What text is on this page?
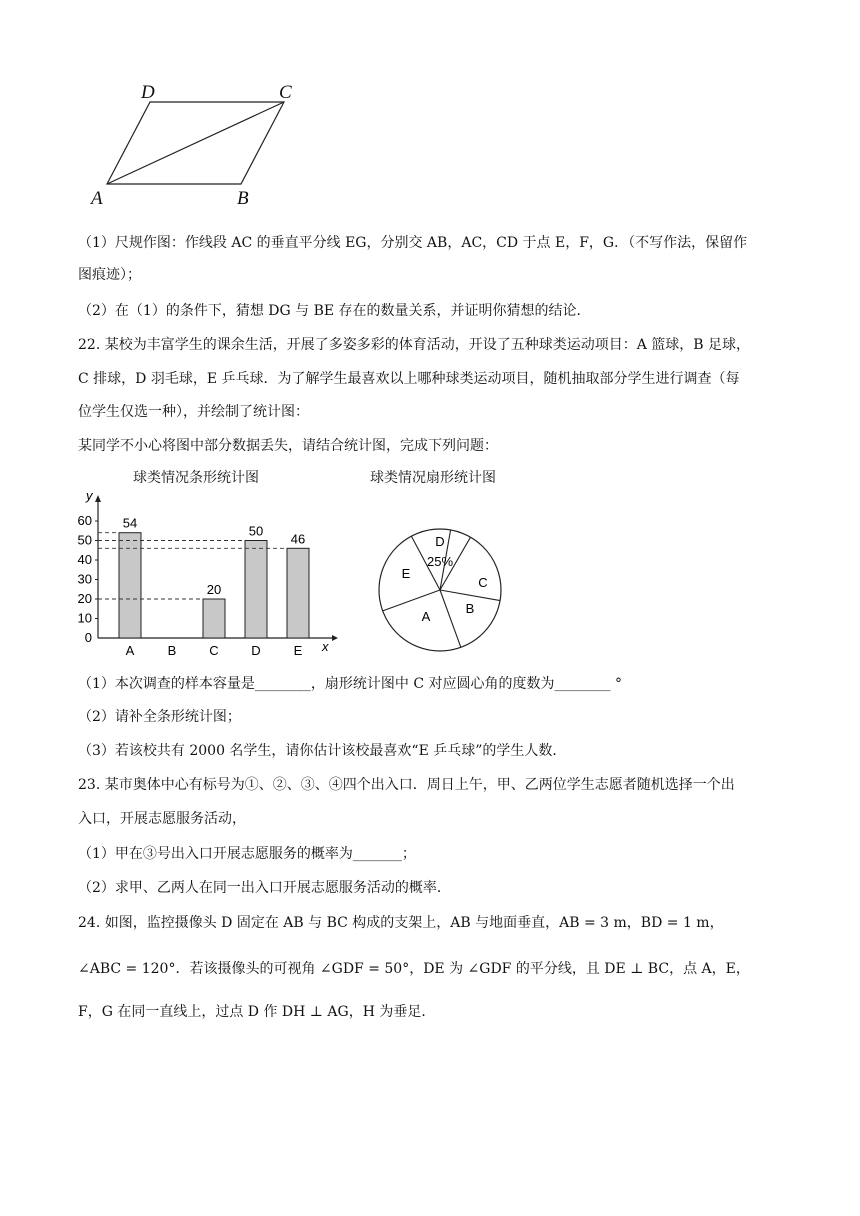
D	C
A	B
（1）尺规作图：作线段 AC 的垂直平分线 EG，分别交 AB，AC，CD 于点 E，F，G．（不写作法，保留作
图痕迹）；
（2）在（1）的条件下，猜想 DG 与 BE 存在的数量关系，并证明你猜想的结论．
22. 某校为丰富学生的课余生活，开展了多姿多彩的体育活动，开设了五种球类运动项目：A 篮球，B 足球，
C 排球，D 羽毛球，E 乒乓球．为了解学生最喜欢以上哪种球类运动项目，随机抽取部分学生进行调查（每
位学生仅选一种），并绘制了统计图：
某同学不小心将图中部分数据丢失，请结合统计图，完成下列问题：
球类情况条形统计图	球类情况扇形统计图
y
x
0
10
20
30
40
50
60 54
A	B
20
C
50
D
46
E
D
C
B
A
E
25%
（1）本次调查的样本容量是________，扇形统计图中 C 对应圆心角的度数为________ °
（2）请补全条形统计图；
（3）若该校共有 2000 名学生，请你估计该校最喜欢“E 乒乓球”的学生人数．
23. 某市奥体中心有标号为①、②、③、④四个出入口．周日上午，甲、乙两位学生志愿者随机选择一个出
入口，开展志愿服务活动，
（1）甲在③号出入口开展志愿服务的概率为_______；
（2）求甲、乙两人在同一出入口开展志愿服务活动的概率．
24. 如图，监控摄像头 D 固定在 AB 与 BC 构成的支架上，AB 与地面垂直，AB = 3 m，BD = 1 m，
∠ABC = 120°．若该摄像头的可视角 ∠GDF = 50°，DE 为 ∠GDF 的平分线，且 DE ⊥ BC，点 A，E，
F，G 在同一直线上，过点 D 作 DH ⊥ AG，H 为垂足．
